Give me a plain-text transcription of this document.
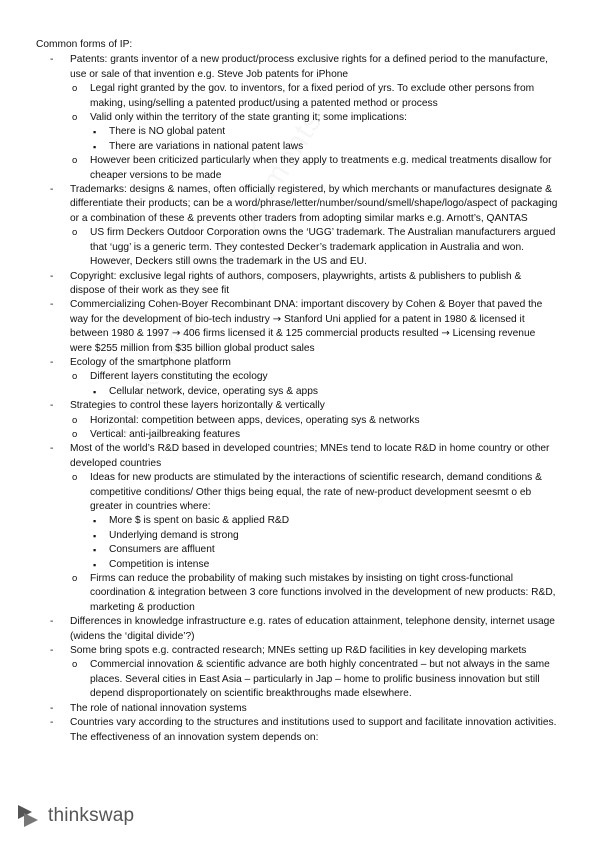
Common forms of IP:
- Patents: grants inventor of a new product/process exclusive rights for a defined period to the manufacture, use or sale of that invention e.g. Steve Job patents for iPhone
o Legal right granted by the gov. to inventors, for a fixed period of yrs. To exclude other persons from making, using/selling a patented product/using a patented method or process
o Valid only within the territory of the state granting it; some implications:
▪ There is NO global patent
▪ There are variations in national patent laws
o However been criticized particularly when they apply to treatments e.g. medical treatments disallow for cheaper versions to be made
- Trademarks: designs & names, often officially registered, by which merchants or manufactures designate & differentiate their products; can be a word/phrase/letter/number/sound/smell/shape/logo/aspect of packaging or a combination of these & prevents other traders from adopting similar marks e.g. Arnott’s, QANTAS
o US firm Deckers Outdoor Corporation owns the ‘UGG’ trademark. The Australian manufacturers argued that ‘ugg’ is a generic term. They contested Decker’s trademark application in Australia and won. However, Deckers still owns the trademark in the US and EU.
- Copyright: exclusive legal rights of authors, composers, playwrights, artists & publishers to publish & dispose of their work as they see fit
- Commercializing Cohen-Boyer Recombinant DNA: important discovery by Cohen & Boyer that paved the way for the development of bio-tech industry → Stanford Uni applied for a patent in 1980 & licensed it between 1980 & 1997 → 406 firms licensed it & 125 commercial products resulted → Licensing revenue were $255 million from $35 billion global product sales
- Ecology of the smartphone platform
o Different layers constituting the ecology
▪ Cellular network, device, operating sys & apps
- Strategies to control these layers horizontally & vertically
o Horizontal: competition between apps, devices, operating sys & networks
o Vertical: anti-jailbreaking features
- Most of the world’s R&D based in developed countries; MNEs tend to locate R&D in home country or other developed countries
o Ideas for new products are stimulated by the interactions of scientific research, demand conditions & competitive conditions/ Other thigs being equal, the rate of new-product development seesmt o eb greater in countries where:
▪ More $ is spent on basic & applied R&D
▪ Underlying demand is strong
▪ Consumers are affluent
▪ Competition is intense
o Firms can reduce the probability of making such mistakes by insisting on tight cross-functional coordination & integration between 3 core functions involved in the development of new products: R&D, marketing & production
- Differences in knowledge infrastructure e.g. rates of education attainment, telephone density, internet usage (widens the ‘digital divide’?)
- Some bring spots e.g. contracted research; MNEs setting up R&D facilities in key developing markets
o Commercial innovation & scientific advance are both highly concentrated – but not always in the same places. Several cities in East Asia – particularly in Jap – home to prolific business innovation but still depend disproportionately on scientific breakthroughs made elsewhere.
- The role of national innovation systems
- Countries vary according to the structures and institutions used to support and facilitate innovation activities. The effectiveness of an innovation system depends on:
thinkswap
